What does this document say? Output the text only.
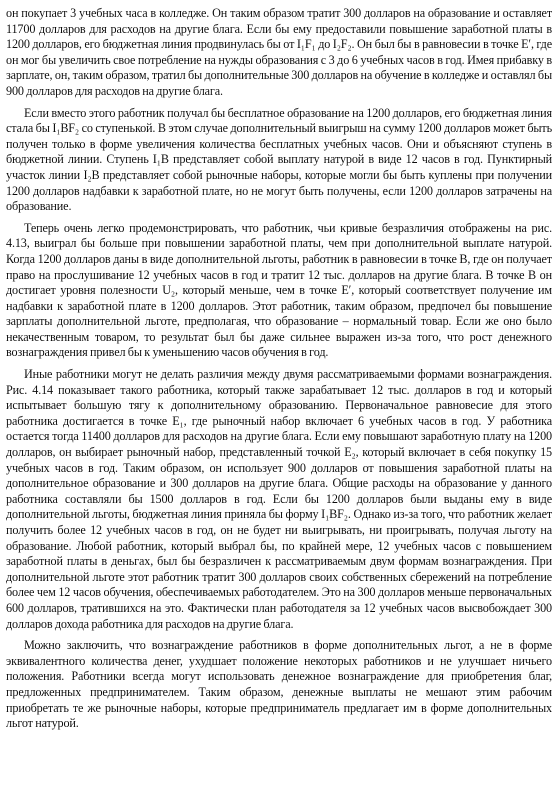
он покупает 3 учебных часа в колледже. Он таким образом тратит 300 долларов на образование и оставляет 11700 долларов для расходов на другие блага. Если бы ему предоставили повышение заработной платы в 1200 долларов, его бюджетная линия продвинулась бы от I₁F₁ до I₂F₂. Он был бы в равновесии в точке E′, где он мог бы увеличить свое потребление на нужды образования с 3 до 6 учебных часов в год. Имея прибавку в зарплате, он, таким образом, тратил бы дополнительные 300 долларов на обучение в колледже и оставлял бы 900 долларов для расходов на другие блага.

Если вместо этого работник получал бы бесплатное образование на 1200 долларов, его бюджетная линия стала бы I₁BF₂ со ступенькой. В этом случае дополнительный выигрыш на сумму 1200 долларов может быть получен только в форме увеличения количества бесплатных учебных часов. Они и объясняют ступень в бюджетной линии. Ступень I₁B представляет собой выплату натурой в виде 12 часов в год. Пунктирный участок линии I₂B представляет собой рыночные наборы, которые могли бы быть куплены при получении 1200 долларов надбавки к заработной плате, но не могут быть получены, если 1200 долларов затрачены на образование.

Теперь очень легко продемонстрировать, что работник, чьи кривые безразличия отображены на рис. 4.13, выиграл бы больше при повышении заработной платы, чем при дополнительной выплате натурой. Когда 1200 долларов даны в виде дополнительной льготы, работник в равновесии в точке B, где он получает право на прослушивание 12 учебных часов в год и тратит 12 тыс. долларов на другие блага. В точке B он достигает уровня полезности U₂, который меньше, чем в точке E′, который соответствует получение им надбавки к заработной плате в 1200 долларов. Этот работник, таким образом, предпочел бы повышение зарплаты дополнительной льготе, предполагая, что образование – нормальный товар. Если же оно было некачественным товаром, то результат был бы даже сильнее выражен из-за того, что рост денежного вознаграждения привел бы к уменьшению часов обучения в год.

Иные работники могут не делать различия между двумя рассматриваемыми формами вознаграждения. Рис. 4.14 показывает такого работника, который также зарабатывает 12 тыс. долларов в год и который испытывает большую тягу к дополнительному образованию. Первоначальное равновесие для этого работника достигается в точке E₁, где рыночный набор включает 6 учебных часов в год. У работника остается тогда 11400 долларов для расходов на другие блага. Если ему повышают заработную плату на 1200 долларов, он выбирает рыночный набор, представленный точкой E₂, который включает в себя покупку 15 учебных часов в год. Таким образом, он использует 900 долларов от повышения заработной платы на дополнительное образование и 300 долларов на другие блага. Общие расходы на образование у данного работника составляли бы 1500 долларов в год. Если бы 1200 долларов были выданы ему в виде дополнительной льготы, бюджетная линия приняла бы форму I₁BF₂. Однако из-за того, что работник желает получить более 12 учебных часов в год, он не будет ни выигрывать, ни проигрывать, получая льготу на образование. Любой работник, который выбрал бы, по крайней мере, 12 учебных часов с повышением заработной платы в деньгах, был бы безразличен к рассматриваемым двум формам вознаграждения. При дополнительной льготе этот работник тратит 300 долларов своих собственных сбережений на потребление более чем 12 часов обучения, обеспечиваемых работодателем. Это на 300 долларов меньше первоначальных 600 долларов, тратившихся на это. Фактически план работодателя за 12 учебных часов высвобождает 300 долларов дохода работника для расходов на другие блага.

Можно заключить, что вознаграждение работников в форме дополнительных льгот, а не в форме эквивалентного количества денег, ухудшает положение некоторых работников и не улучшает ничьего положения. Работники всегда могут использовать денежное вознаграждение для приобретения благ, предложенных предпринимателем. Таким образом, денежные выплаты не мешают этим рабочим приобретать те же рыночные наборы, которые предприниматель предлагает им в форме дополнительных льгот натурой.
